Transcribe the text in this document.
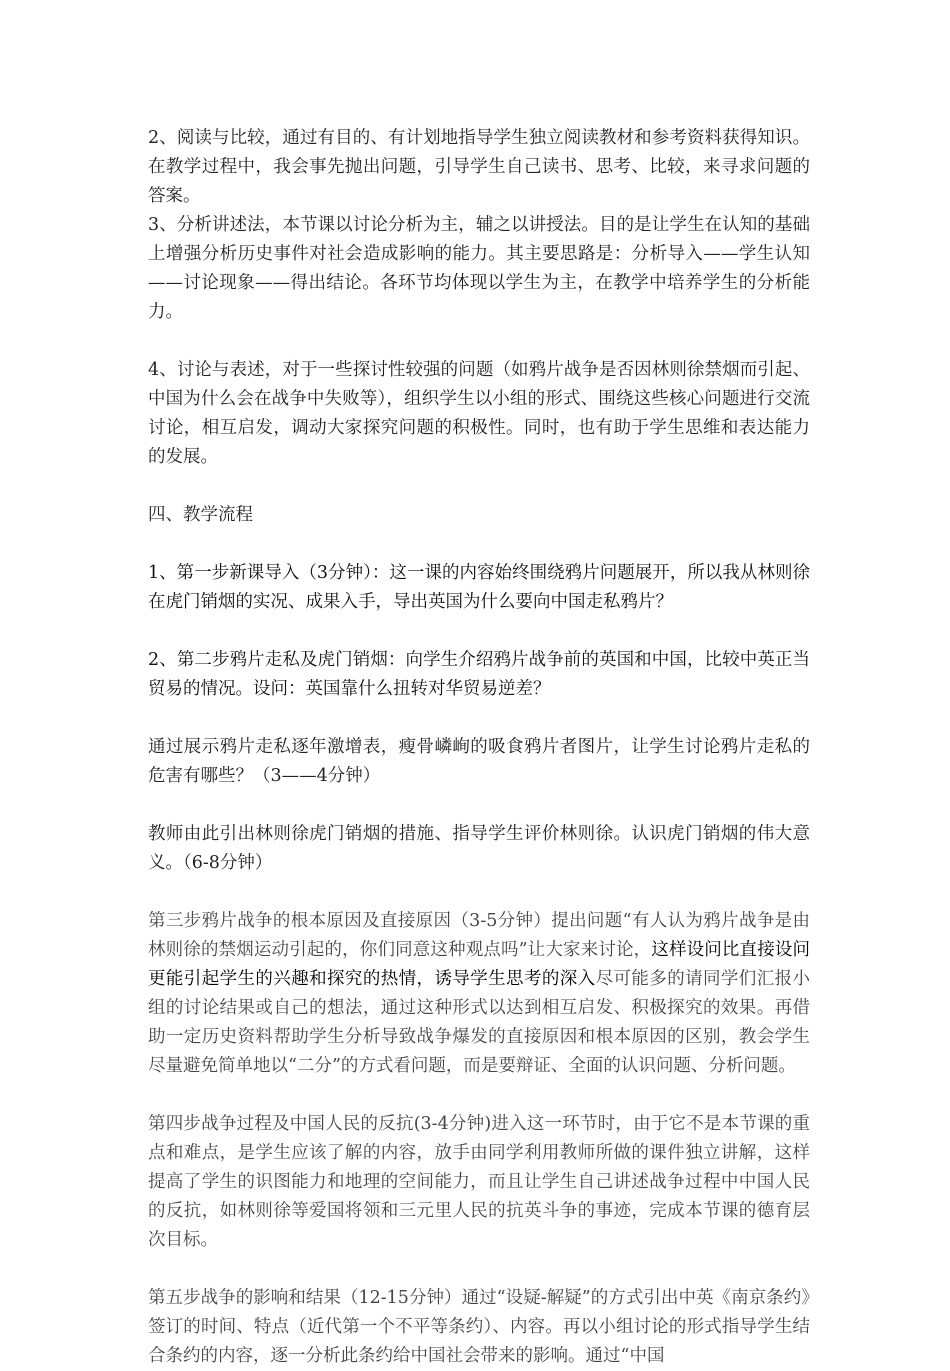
2、阅读与比较，通过有目的、有计划地指导学生独立阅读教材和参考资料获得知识。在教学过程中，我会事先抛出问题，引导学生自己读书、思考、比较，来寻求问题的答案。

3、分析讲述法，本节课以讨论分析为主，辅之以讲授法。目的是让学生在认知的基础上增强分析历史事件对社会造成影响的能力。其主要思路是：分析导入——学生认知——讨论现象——得出结论。各环节均体现以学生为主，在教学中培养学生的分析能力。

4、讨论与表述，对于一些探讨性较强的问题（如鸦片战争是否因林则徐禁烟而引起、中国为什么会在战争中失败等），组织学生以小组的形式、围绕这些核心问题进行交流讨论，相互启发，调动大家探究问题的积极性。同时，也有助于学生思维和表达能力的发展。

四、教学流程

1、第一步新课导入（3分钟）：这一课的内容始终围绕鸦片问题展开，所以我从林则徐在虎门销烟的实况、成果入手，导出英国为什么要向中国走私鸦片？

2、第二步鸦片走私及虎门销烟：向学生介绍鸦片战争前的英国和中国，比较中英正当贸易的情况。设问：英国靠什么扭转对华贸易逆差？

通过展示鸦片走私逐年激增表，瘦骨嶙峋的吸食鸦片者图片，让学生讨论鸦片走私的危害有哪些？（3——4分钟）

教师由此引出林则徐虎门销烟的措施、指导学生评价林则徐。认识虎门销烟的伟大意义。（6-8分钟）

第三步鸦片战争的根本原因及直接原因（3-5分钟）提出问题“有人认为鸦片战争是由林则徐的禁烟运动引起的，你们同意这种观点吗”让大家来讨论，这样设问比直接设问更能引起学生的兴趣和探究的热情，诱导学生思考的深入尽可能多的请同学们汇报小组的讨论结果或自己的想法，通过这种形式以达到相互启发、积极探究的效果。再借助一定历史资料帮助学生分析导致战争爆发的直接原因和根本原因的区别，教会学生尽量避免简单地以“二分”的方式看问题，而是要辩证、全面的认识问题、分析问题。

第四步战争过程及中国人民的反抗(3-4分钟)进入这一环节时，由于它不是本节课的重点和难点，是学生应该了解的内容，放手由同学利用教师所做的课件独立讲解，这样提高了学生的识图能力和地理的空间能力，而且让学生自己讲述战争过程中中国人民的反抗，如林则徐等爱国将领和三元里人民的抗英斗争的事迹，完成本节课的德育层次目标。

第五步战争的影响和结果（12-15分钟）通过“设疑-解疑”的方式引出中英《南京条约》签订的时间、特点（近代第一个不平等条约）、内容。再以小组讨论的形式指导学生结合条约的内容，逐一分析此条约给中国社会带来的影响。通过“中国
